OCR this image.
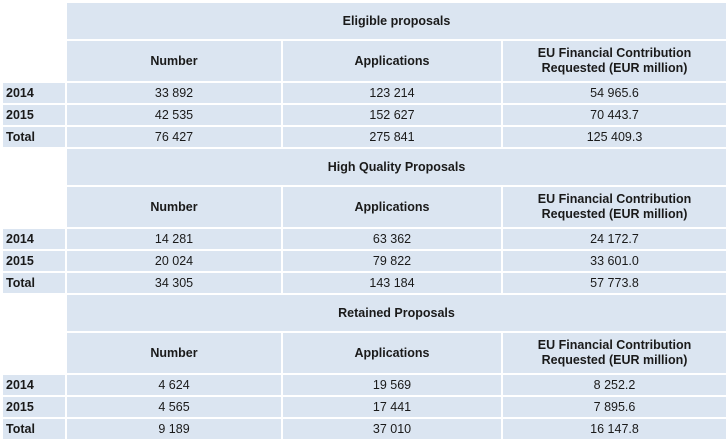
	Eligible proposals		
	Number	Applications	EU Financial Contribution
Requested (EUR million)

2014	33 892	123 214	54 965.6
2015	42 535	152 627	70 443.7
Total	76 427	275 841	125 409.3
	High Quality Proposals		
	Number	Applications	EU Financial Contribution
Requested (EUR million)

2014	14 281	63 362	24 172.7
2015	20 024	79 822	33 601.0
Total	34 305	143 184	57 773.8
	Retained Proposals		
	Number	Applications	EU Financial Contribution
Requested (EUR million)

2014	4 624	19 569	8 252.2
2015	4 565	17 441	7 895.6
Total	9 189	37 010	16 147.8
